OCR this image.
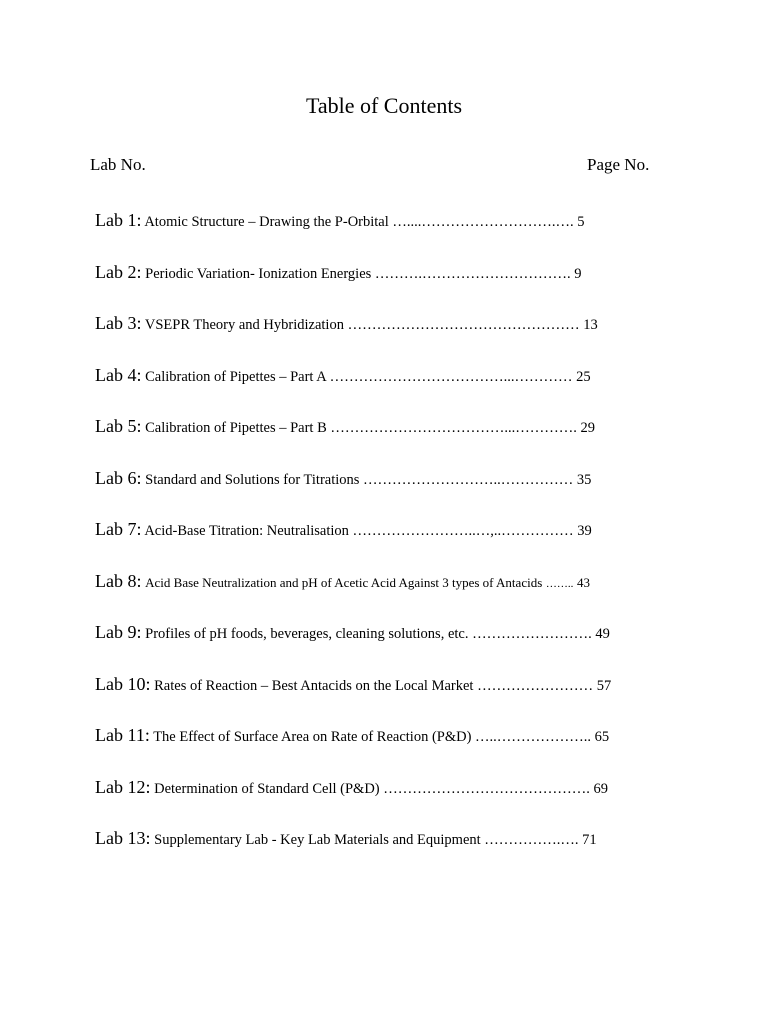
Table of Contents
Lab No.	Page No.
Lab 1: Atomic Structure – Drawing the P-Orbital …....……………………….…. 5
Lab 2: Periodic Variation- Ionization Energies ……….…………………………. 9
Lab 3: VSEPR Theory and Hybridization ………………………………………… 13
Lab 4: Calibration of Pipettes – Part A ………………………………...………… 25
Lab 5: Calibration of Pipettes – Part B ………………………………...…………. 29
Lab 6: Standard and Solutions for Titrations ………………………..…………… 35
Lab 7: Acid-Base Titration: Neutralisation ……………………..…,..…………… 39
Lab 8: Acid Base Neutralization and pH of Acetic Acid Against 3 types of Antacids …….. 43
Lab 9: Profiles of pH foods, beverages, cleaning solutions, etc. ……………………. 49
Lab 10: Rates of Reaction – Best Antacids on the Local Market …………………… 57
Lab 11: The Effect of Surface Area on Rate of Reaction (P&D) …..……………….. 65
Lab 12: Determination of Standard Cell (P&D) ……………………………………. 69
Lab 13: Supplementary Lab - Key Lab Materials and Equipment …………….…. 71
